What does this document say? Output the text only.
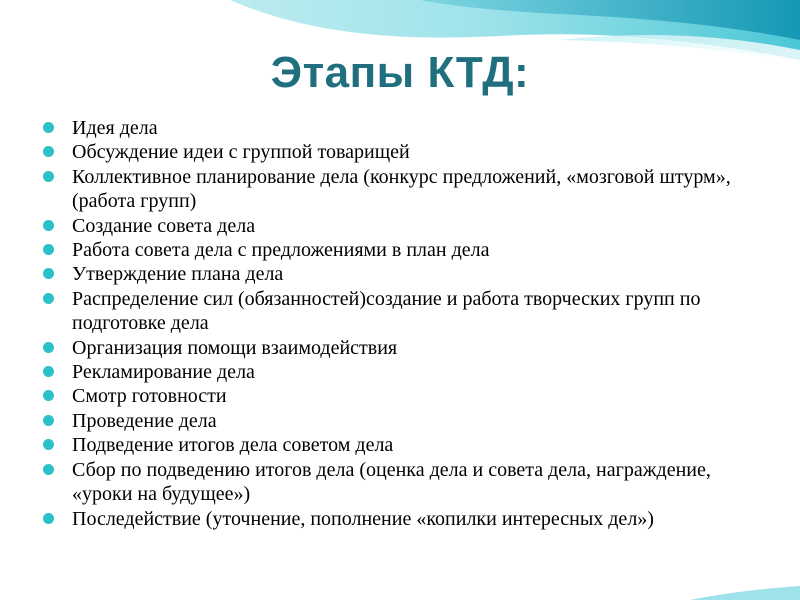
Этапы КТД:
Идея дела
Обсуждение идеи с группой товарищей
Коллективное планирование дела (конкурс предложений, «мозговой штурм», (работа групп)
Создание совета дела
Работа совета дела с предложениями в план дела
Утверждение плана дела
Распределение сил (обязанностей)создание и работа творческих групп по подготовке дела
Организация помощи взаимодействия
Рекламирование дела
Смотр готовности
Проведение дела
Подведение итогов дела советом дела
Сбор по подведению итогов дела (оценка дела и совета дела, награждение, «уроки на будущее»)
Последействие (уточнение, пополнение «копилки интересных дел»)
